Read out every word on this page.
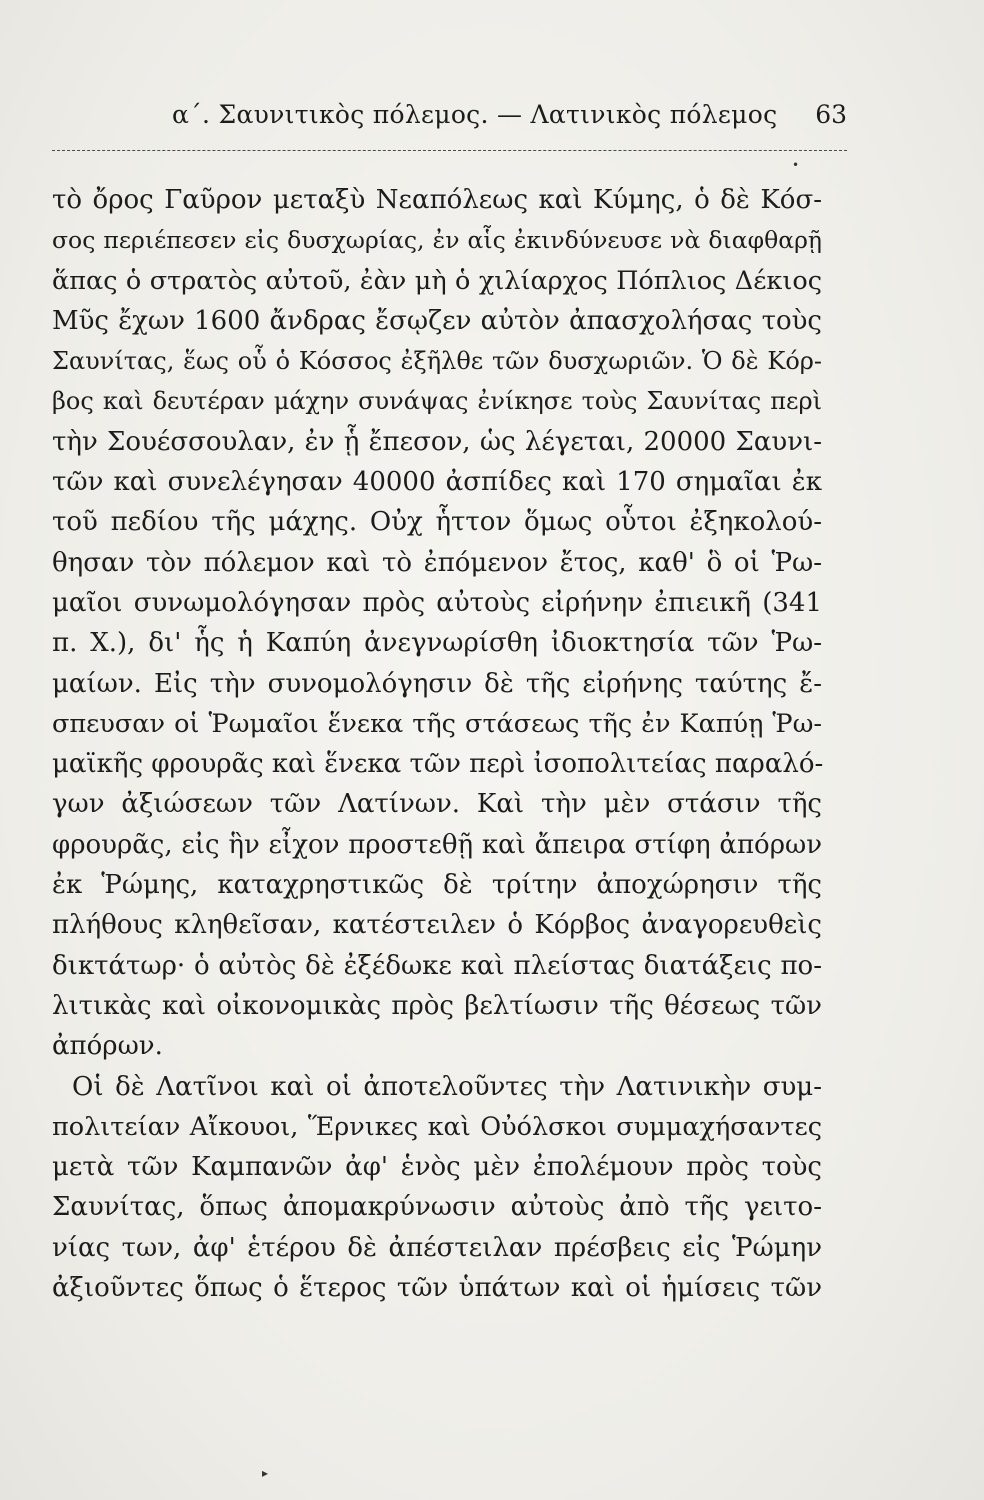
α΄. Σαυνιτικὸς πόλεμος. — Λατινικὸς πόλεμος 63
•
τὸ ὄρος Γαῦρον μεταξὺ Νεαπόλεως καὶ Κύμης, ὁ δὲ Κόσ-
σος περιέπεσεν εἰς δυσχωρίας, ἐν αἷς ἐκινδύνευσε νὰ διαφθαρῇ
ἅπας ὁ στρατὸς αὐτοῦ, ἐὰν μὴ ὁ χιλίαρχος Πόπλιος Δέκιος
Μῦς ἔχων 1600 ἄνδρας ἔσῳζεν αὐτὸν ἀπασχολήσας τοὺς
Σαυνίτας, ἕως οὗ ὁ Κόσσος ἐξῆλθε τῶν δυσχωριῶν. Ὁ δὲ Κόρ-
βος καὶ δευτέραν μάχην συνάψας ἐνίκησε τοὺς Σαυνίτας περὶ
τὴν Σουέσσουλαν, ἐν ᾗ ἔπεσον, ὡς λέγεται, 20000 Σαυνι-
τῶν καὶ συνελέγησαν 40000 ἀσπίδες καὶ 170 σημαῖαι ἐκ
τοῦ πεδίου τῆς μάχης. Οὐχ ἧττον ὅμως οὗτοι ἐξηκολού-
θησαν τὸν πόλεμον καὶ τὸ ἐπόμενον ἔτος, καθ' ὃ οἱ Ῥω-
μαῖοι συνωμολόγησαν πρὸς αὐτοὺς εἰρήνην ἐπιεικῆ (341
π. Χ.), δι' ἧς ἡ Καπύη ἀνεγνωρίσθη ἰδιοκτησία τῶν Ῥω-
μαίων. Εἰς τὴν συνομολόγησιν δὲ τῆς εἰρήνης ταύτης ἔ-
σπευσαν οἱ Ῥωμαῖοι ἕνεκα τῆς στάσεως τῆς ἐν Καπύῃ Ῥω-
μαϊκῆς φρουρᾶς καὶ ἕνεκα τῶν περὶ ἰσοπολιτείας παραλό-
γων ἀξιώσεων τῶν Λατίνων. Καὶ τὴν μὲν στάσιν τῆς
φρουρᾶς, εἰς ἣν εἶχον προστεθῇ καὶ ἄπειρα στίφη ἀπόρων
ἐκ Ῥώμης, καταχρηστικῶς δὲ τρίτην ἀποχώρησιν τῆς
πλήθους κληθεῖσαν, κατέστειλεν ὁ Κόρβος ἀναγορευθεὶς
δικτάτωρ· ὁ αὐτὸς δὲ ἐξέδωκε καὶ πλείστας διατάξεις πο-
λιτικὰς καὶ οἰκονομικὰς πρὸς βελτίωσιν τῆς θέσεως τῶν
ἀπόρων.
Οἱ δὲ Λατῖνοι καὶ οἱ ἀποτελοῦντες τὴν Λατινικὴν συμ-
πολιτείαν Αἴκουοι, Ἕρνικες καὶ Οὐόλσκοι συμμαχήσαντες
μετὰ τῶν Καμπανῶν ἀφ' ἑνὸς μὲν ἐπολέμουν πρὸς τοὺς
Σαυνίτας, ὅπως ἀπομακρύνωσιν αὐτοὺς ἀπὸ τῆς γειτο-
νίας των, ἀφ' ἑτέρου δὲ ἀπέστειλαν πρέσβεις εἰς Ῥώμην
ἀξιοῦντες ὅπως ὁ ἕτερος τῶν ὑπάτων καὶ οἱ ἡμίσεις τῶν
▸
